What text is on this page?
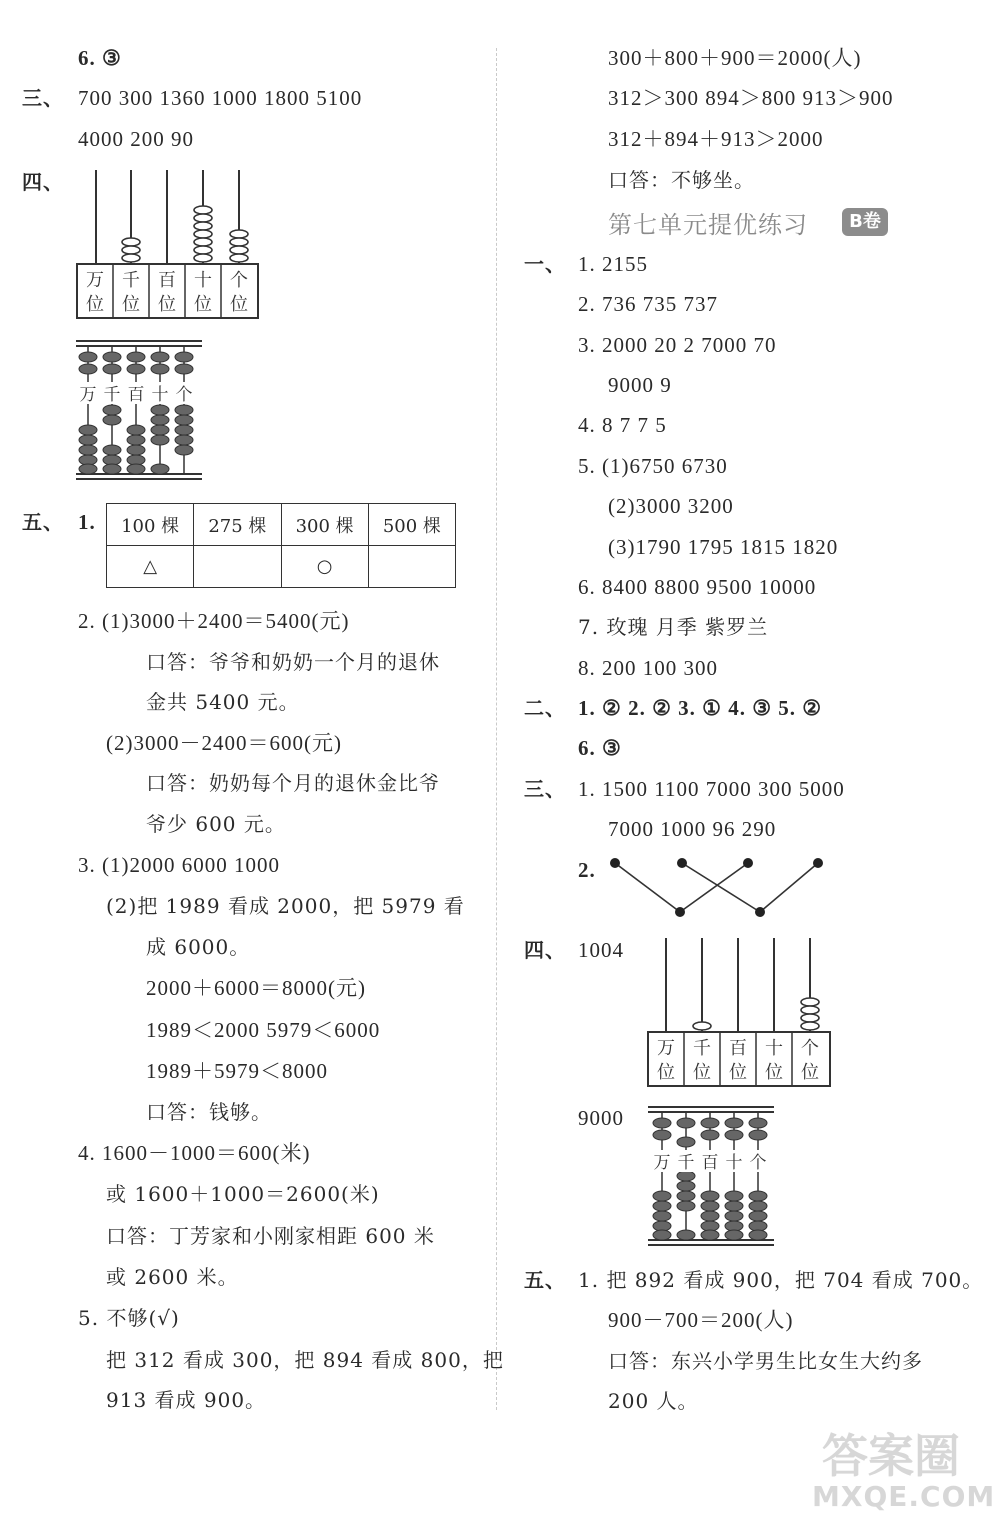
6. ③
三、 700 300 1360 1000 1800 5100
4000 200 90
四、
万
位
千
位
百
位
十
位
个
位
万 千 百 十 个
五、 1. 100 棵	275 棵	300 棵	500 棵
△		○	
2. (1)3000＋2400＝5400(元)
口答：爷爷和奶奶一个月的退休
金共 5400 元。
(2)3000－2400＝600(元)
口答：奶奶每个月的退休金比爷
爷少 600 元。
3. (1)2000 6000 1000
(2)把 1989 看成 2000，把 5979 看
成 6000。
2000＋6000＝8000(元)
1989＜2000 5979＜6000
1989＋5979＜8000
口答：钱够。
4. 1600－1000＝600(米)
或 1600＋1000＝2600(米)
口答：丁芳家和小刚家相距 600 米
或 2600 米。
5. 不够(√)
把 312 看成 300，把 894 看成 800，把
913 看成 900。
300＋800＋900＝2000(人)
312＞300 894＞800 913＞900
312＋894＋913＞2000
口答：不够坐。
第七单元提优练习	B卷
一、 1. 2155
2. 736 735 737
3. 2000 20 2 7000 70
9000 9
4. 8 7 7 5
5. (1)6750 6730
(2)3000 3200
(3)1790 1795 1815 1820
6. 8400 8800 9500 10000
7. 玫瑰 月季 紫罗兰
8. 200 100 300
二、 1. ② 2. ② 3. ① 4. ③ 5. ②
6. ③
三、 1. 1500 1100 7000 300 5000
7000 1000 96 290
2.
四、 1004
万
位
千
位
百
位
十
位
个
位
9000
万 千 百 十 个
五、 1. 把 892 看成 900，把 704 看成 700。
900－700＝200(人)
口答：东兴小学男生比女生大约多
200 人。
答案圈
MXQE.COM
